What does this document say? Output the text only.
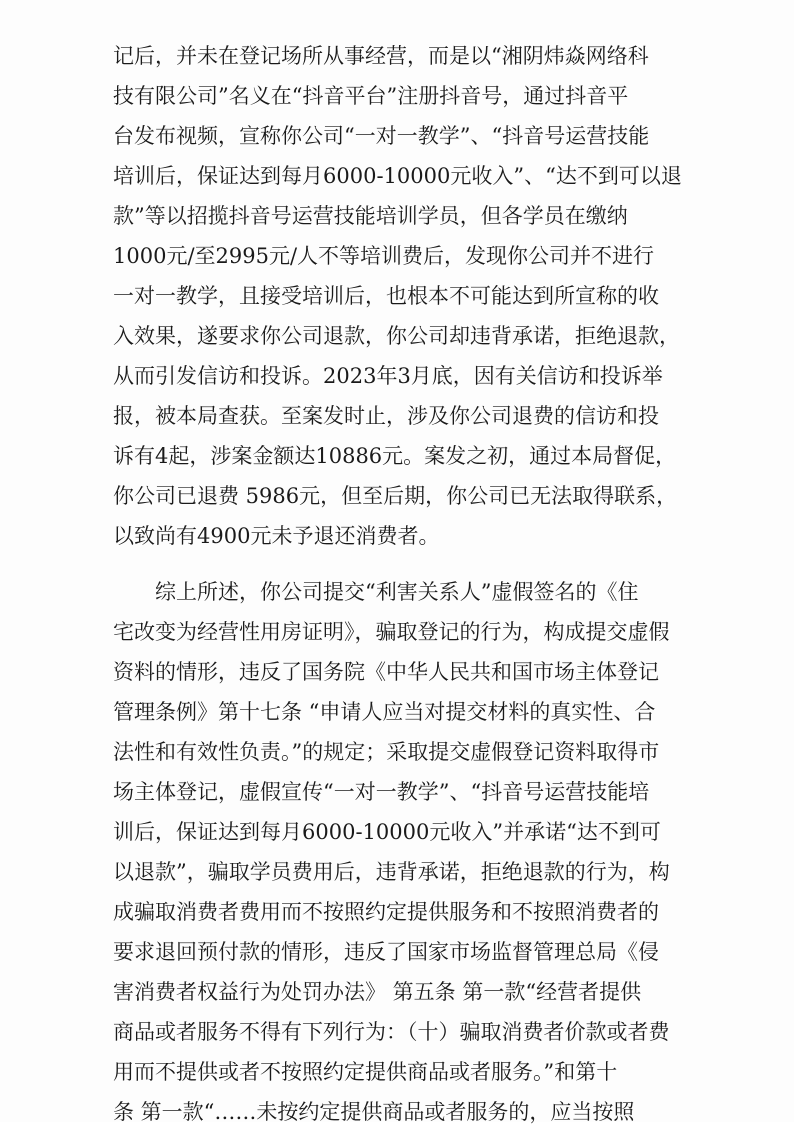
记后，并未在登记场所从事经营，而是以“湘阴炜焱网络科
技有限公司”名义在“抖音平台”注册抖音号，通过抖音平
台发布视频，宣称你公司“一对一教学”、“抖音号运营技能
培训后，保证达到每月6000-10000元收入”、“达不到可以退
款”等以招揽抖音号运营技能培训学员，但各学员在缴纳
1000元/至2995元/人不等培训费后，发现你公司并不进行
一对一教学，且接受培训后，也根本不可能达到所宣称的收
入效果，遂要求你公司退款，你公司却违背承诺，拒绝退款，
从而引发信访和投诉。2023年3月底，因有关信访和投诉举
报，被本局查获。至案发时止，涉及你公司退费的信访和投
诉有4起，涉案金额达10886元。案发之初，通过本局督促，
你公司已退费 5986元，但至后期，你公司已无法取得联系，
以致尚有4900元未予退还消费者。
　　综上所述，你公司提交“利害关系人”虚假签名的《住
宅改变为经营性用房证明》，骗取登记的行为，构成提交虚假
资料的情形，违反了国务院《中华人民共和国市场主体登记
管理条例》第十七条 “申请人应当对提交材料的真实性、合
法性和有效性负责。”的规定；采取提交虚假登记资料取得市
场主体登记，虚假宣传“一对一教学”、“抖音号运营技能培
训后，保证达到每月6000-10000元收入”并承诺“达不到可
以退款”，骗取学员费用后，违背承诺，拒绝退款的行为，构
成骗取消费者费用而不按照约定提供服务和不按照消费者的
要求退回预付款的情形，违反了国家市场监督管理总局《侵
害消费者权益行为处罚办法》 第五条 第一款“经营者提供
商品或者服务不得有下列行为：（十）骗取消费者价款或者费
用而不提供或者不按照约定提供商品或者服务。”和第十
条 第一款“……未按约定提供商品或者服务的，应当按照
